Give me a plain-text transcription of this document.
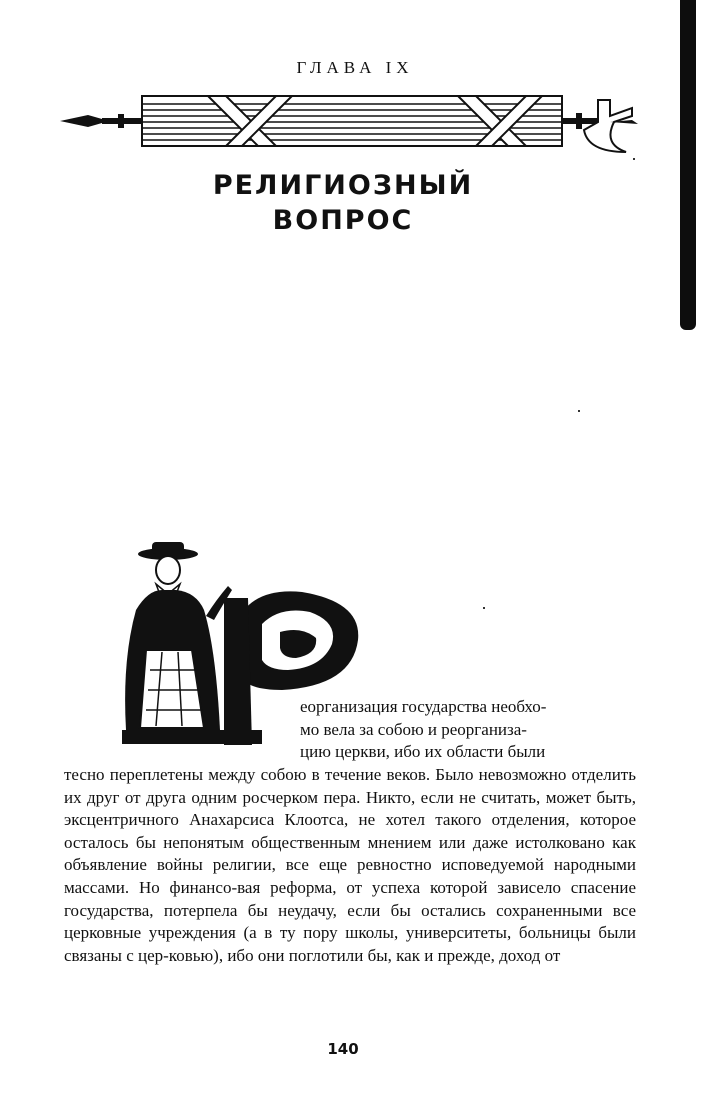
ГЛАВА IX
РЕЛИГИОЗНЫЙ
ВОПРОС
еорганизация государства необхо-
мо вела за собою и реорганиза-
цию церкви, ибо их области были
тесно переплетены между собою в течение веков. Было невозможно отделить их друг от друга одним росчерком пера. Никто, если не считать, может быть, эксцентричного Анахарсиса Клоотса, не хотел такого отделения, которое осталось бы непонятым общественным мнением или даже истолковано как объявление войны религии, все еще ревностно исповедуемой народными массами. Но финансо-вая реформа, от успеха которой зависело спасение государства, потерпела бы неудачу, если бы остались сохраненными все церковные учреждения (а в ту пору школы, университеты, больницы были связаны с цер-ковью), ибо они поглотили бы, как и прежде, доход от
140
